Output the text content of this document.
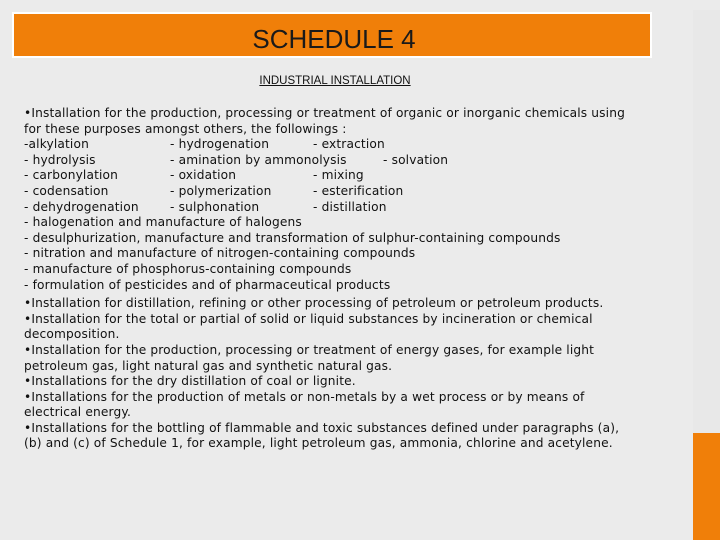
SCHEDULE 4
INDUSTRIAL INSTALLATION
•Installation for the production, processing or treatment of organic or inorganic chemicals using
for these purposes amongst others, the followings :
-alkylation	- hydrogenation	- extraction
- hydrolysis	- amination by ammonolysis	- solvation
- carbonylation	- oxidation	- mixing
- codensation	- polymerization	- esterification
- dehydrogenation	- sulphonation	- distillation
- halogenation and manufacture of halogens
- desulphurization, manufacture and transformation of sulphur-containing compounds
- nitration and manufacture of nitrogen-containing compounds
- manufacture of phosphorus-containing compounds
- formulation of pesticides and of pharmaceutical products
•Installation for distillation, refining or other processing of petroleum or petroleum products.
•Installation for the total or partial of solid or liquid substances by incineration or chemical
decomposition.
•Installation for the production, processing or treatment of energy gases, for example light
petroleum gas, light natural gas and synthetic natural gas.
•Installations for the dry distillation of coal or lignite.
•Installations for the production of metals or non-metals by a wet process or by means of
electrical energy.
•Installations for the bottling of flammable and toxic substances defined under paragraphs (a),
(b) and (c) of Schedule 1, for example, light petroleum gas, ammonia, chlorine and acetylene.
